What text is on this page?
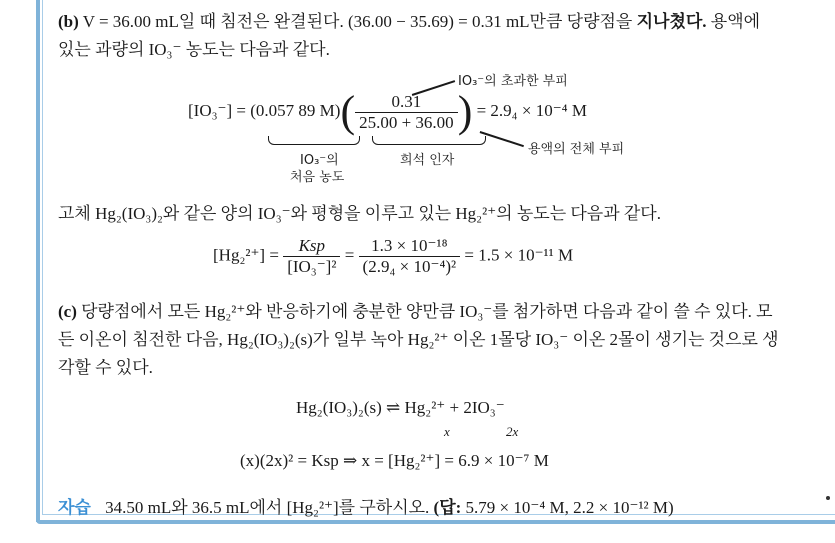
(b) V = 36.00 mL일 때 침전은 완결된다. (36.00 − 35.69) = 0.31 mL만큼 당량점을 지나쳤다. 용액에
있는 과량의 IO₃⁻ 농도는 다음과 같다.
IO₃⁻의 초과한 부피
[IO₃⁻] = (0.057 89 $M)( \frac{0.31}{25.00 + 36.00}$ ) = 2.9₄ × 10⁻⁴ M
용액의 전체 부피
IO₃⁻의
처음 농도
희석 인자
고체 Hg₂(IO₃)₂와 같은 양의 IO₃⁻와 평형을 이루고 있는 Hg₂²⁺의 농도는 다음과 같다.
$[Hg_2^{2+}] = \frac{\text{Ksp}}{\text{[IO₃⁻]²}} = \frac{\text{1.3 × 10⁻¹⁸}}{\text{(2.9₄ × 10⁻⁴)²}} = 1.5 \times 10^{-11}$ M
(c) 당량점에서 모든 Hg₂²⁺와 반응하기에 충분한 양만큼 IO₃⁻를 첨가하면 다음과 같이 쓸 수 있다. 모
든 이온이 침전한 다음, Hg₂(IO₃)₂(s)가 일부 녹아 Hg₂²⁺ 이온 1몰당 IO₃⁻ 이온 2몰이 생기는 것으로 생
각할 수 있다.
Hg₂(IO₃)₂(s) ⇌ Hg₂²⁺ + 2IO₃⁻
x	2x
(x)(2x)² = Ksp ⇒ x = [Hg₂²⁺] = 6.9 × 10⁻⁷ M
자습 34.50 mL와 36.5 mL에서 [Hg₂²⁺]를 구하시오. (답: 5.79 × 10⁻⁴ M, 2.2 × 10⁻¹² M)
